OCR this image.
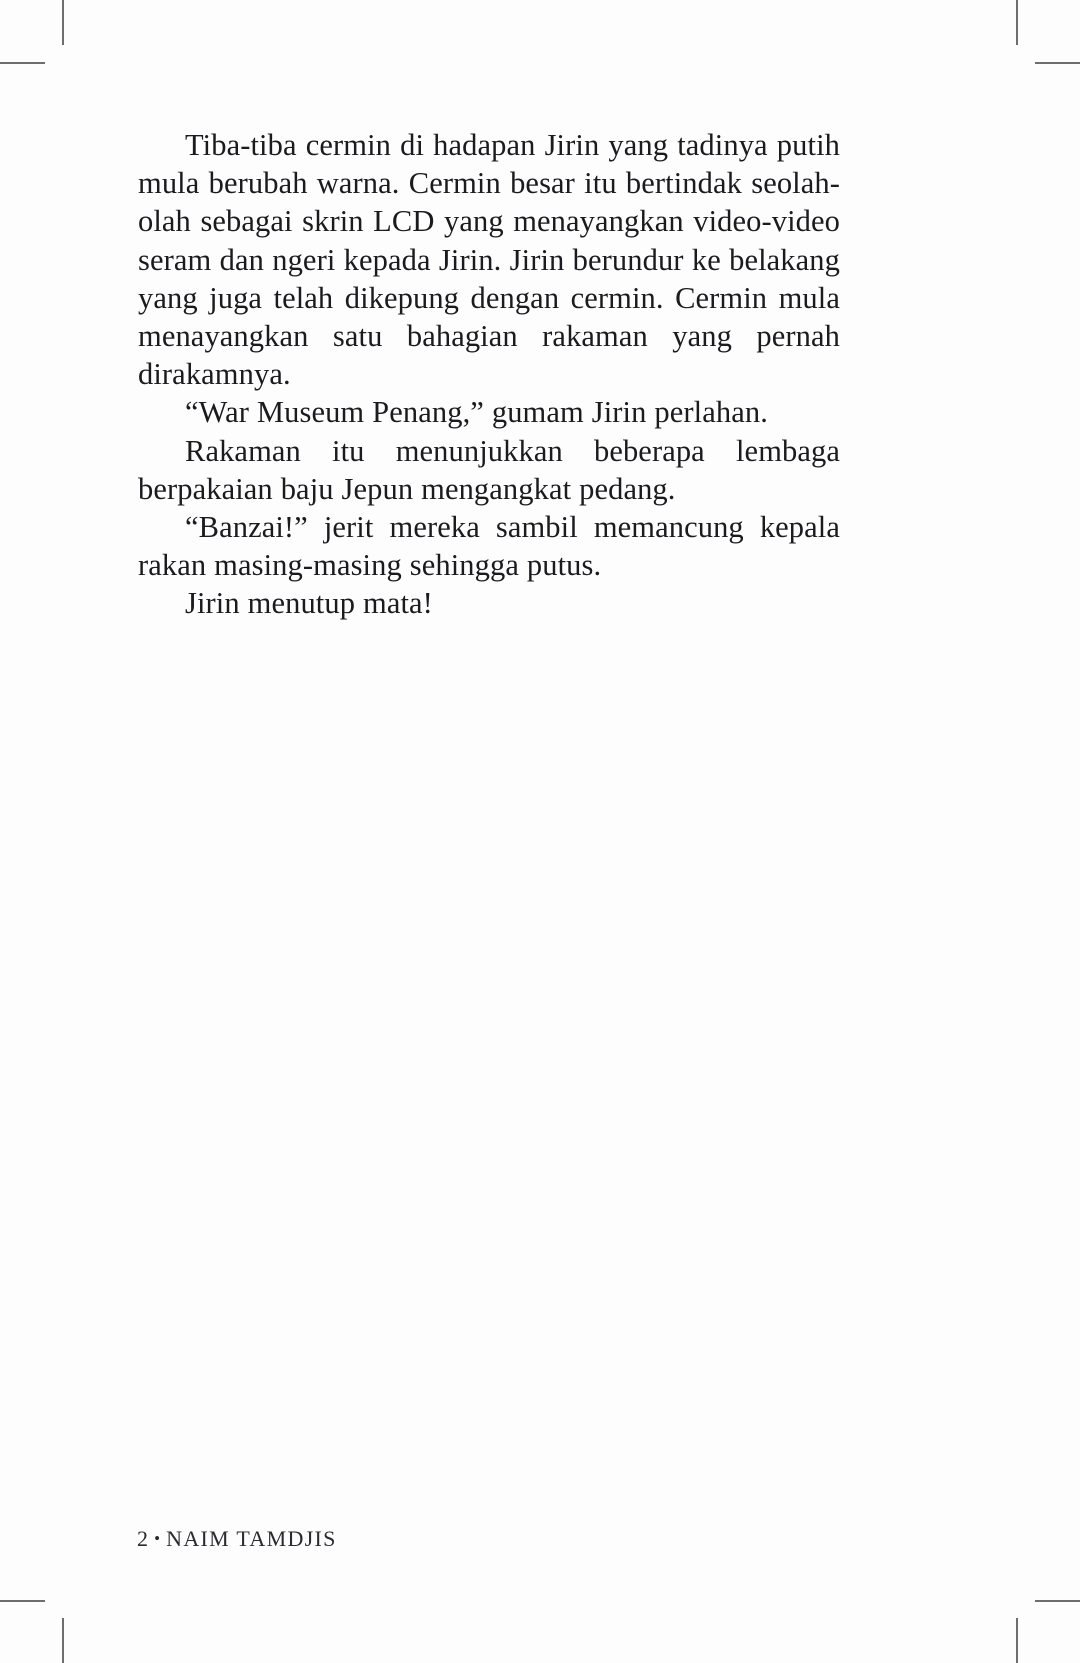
Tiba-tiba cermin di hadapan Jirin yang tadinya putih mula berubah warna. Cermin besar itu bertindak seolah-olah sebagai skrin LCD yang menayangkan video-video seram dan ngeri kepada Jirin. Jirin berundur ke belakang yang juga telah dikepung dengan cermin. Cermin mula menayangkan satu bahagian rakaman yang pernah dirakamnya.

“War Museum Penang,” gumam Jirin perlahan.

Rakaman itu menunjukkan beberapa lembaga berpakaian baju Jepun mengangkat pedang.

“Banzai!” jerit mereka sambil memancung kepala rakan masing-masing sehingga putus.

Jirin menutup mata!

2 • NAIM TAMDJIS
